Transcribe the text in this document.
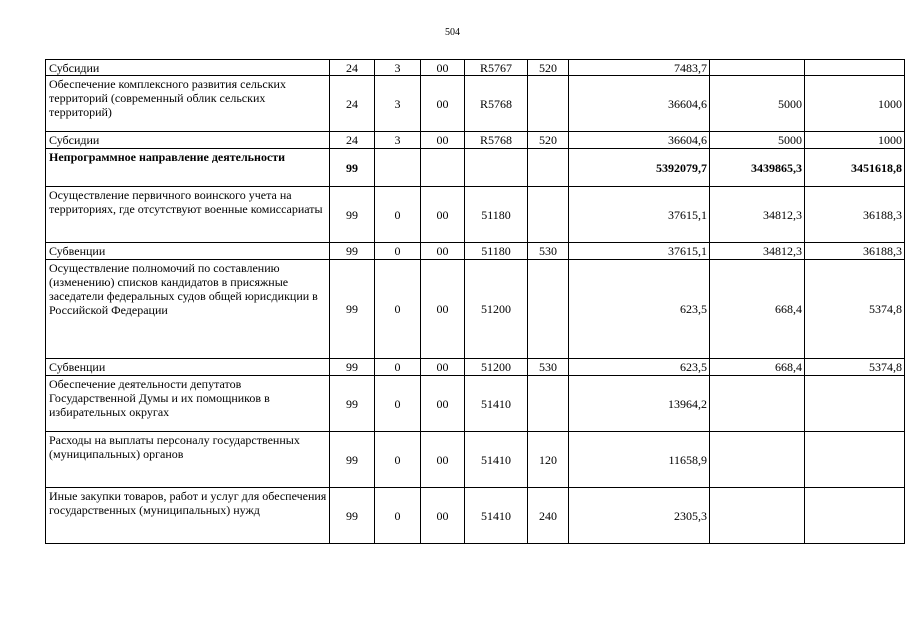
504
Субсидии	24	3	00	R5767	520	7483,7		
Обеспечение комплексного развития сельских территорий (современный облик сельских территорий)	24	3	00	R5768		36604,6	5000	1000
Субсидии	24	3	00	R5768	520	36604,6	5000	1000
Непрограммное направление деятельности	99					5392079,7	3439865,3	3451618,8
Осуществление первичного воинского учета на территориях, где отсутствуют военные комиссариаты	99	0	00	51180		37615,1	34812,3	36188,3
Субвенции	99	0	00	51180	530	37615,1	34812,3	36188,3
Осуществление полномочий по составлению (изменению) списков кандидатов в присяжные заседатели федеральных судов общей юрисдикции в Российской Федерации	99	0	00	51200		623,5	668,4	5374,8
Субвенции	99	0	00	51200	530	623,5	668,4	5374,8
Обеспечение деятельности депутатов Государственной Думы и их помощников в избирательных округах	99	0	00	51410		13964,2		
Расходы на выплаты персоналу государственных (муниципальных) органов	99	0	00	51410	120	11658,9		
Иные закупки товаров, работ и услуг для обеспечения государственных (муниципальных) нужд	99	0	00	51410	240	2305,3		
